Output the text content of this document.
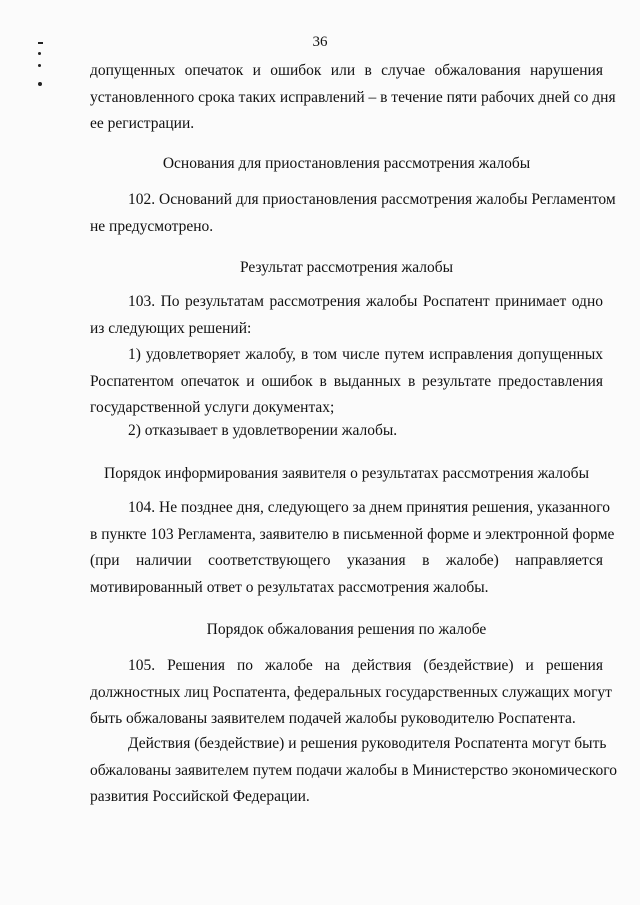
36
допущенных опечаток и ошибок или в случае обжалования нарушения
установленного срока таких исправлений – в течение пяти рабочих дней со дня
ее регистрации.
Основания для приостановления рассмотрения жалобы
102. Оснований для приостановления рассмотрения жалобы Регламентом
не предусмотрено.
Результат рассмотрения жалобы
103. По результатам рассмотрения жалобы Роспатент принимает одно
из следующих решений:
1) удовлетворяет жалобу, в том числе путем исправления допущенных
Роспатентом опечаток и ошибок в выданных в результате предоставления
государственной услуги документах;
2) отказывает в удовлетворении жалобы.
Порядок информирования заявителя о результатах рассмотрения жалобы
104. Не позднее дня, следующего за днем принятия решения, указанного
в пункте 103 Регламента, заявителю в письменной форме и электронной форме
(при наличии соответствующего указания в жалобе) направляется
мотивированный ответ о результатах рассмотрения жалобы.
Порядок обжалования решения по жалобе
105. Решения по жалобе на действия (бездействие) и решения
должностных лиц Роспатента, федеральных государственных служащих могут
быть обжалованы заявителем подачей жалобы руководителю Роспатента.
Действия (бездействие) и решения руководителя Роспатента могут быть
обжалованы заявителем путем подачи жалобы в Министерство экономического
развития Российской Федерации.
